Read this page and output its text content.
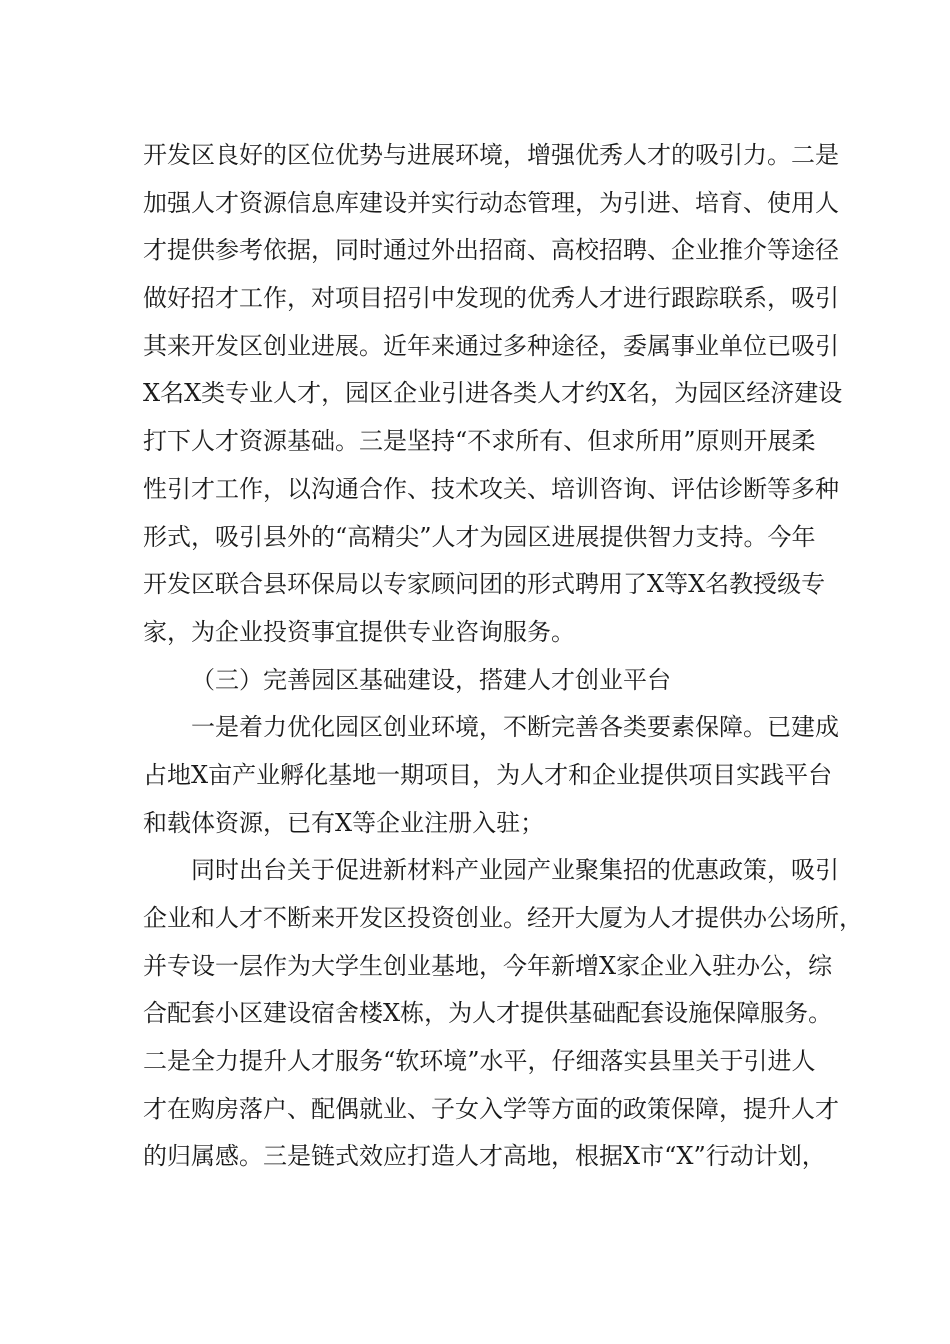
开发区良好的区位优势与进展环境，增强优秀人才的吸引力。二是
加强人才资源信息库建设并实行动态管理，为引进、培育、使用人
才提供参考依据，同时通过外出招商、高校招聘、企业推介等途径
做好招才工作，对项目招引中发现的优秀人才进行跟踪联系，吸引
其来开发区创业进展。近年来通过多种途径，委属事业单位已吸引
X名X类专业人才，园区企业引进各类人才约X名，为园区经济建设
打下人才资源基础。三是坚持“不求所有、但求所用”原则开展柔
性引才工作，以沟通合作、技术攻关、培训咨询、评估诊断等多种
形式，吸引县外的“高精尖”人才为园区进展提供智力支持。今年
开发区联合县环保局以专家顾问团的形式聘用了X等X名教授级专
家，为企业投资事宜提供专业咨询服务。
（三）完善园区基础建设，搭建人才创业平台
一是着力优化园区创业环境，不断完善各类要素保障。已建成
占地X亩产业孵化基地一期项目，为人才和企业提供项目实践平台
和载体资源，已有X等企业注册入驻；
同时出台关于促进新材料产业园产业聚集招的优惠政策，吸引
企业和人才不断来开发区投资创业。经开大厦为人才提供办公场所，
并专设一层作为大学生创业基地，今年新增X家企业入驻办公，综
合配套小区建设宿舍楼X栋，为人才提供基础配套设施保障服务。
二是全力提升人才服务“软环境”水平，仔细落实县里关于引进人
才在购房落户、配偶就业、子女入学等方面的政策保障，提升人才
的归属感。三是链式效应打造人才高地，根据X市“X”行动计划，
